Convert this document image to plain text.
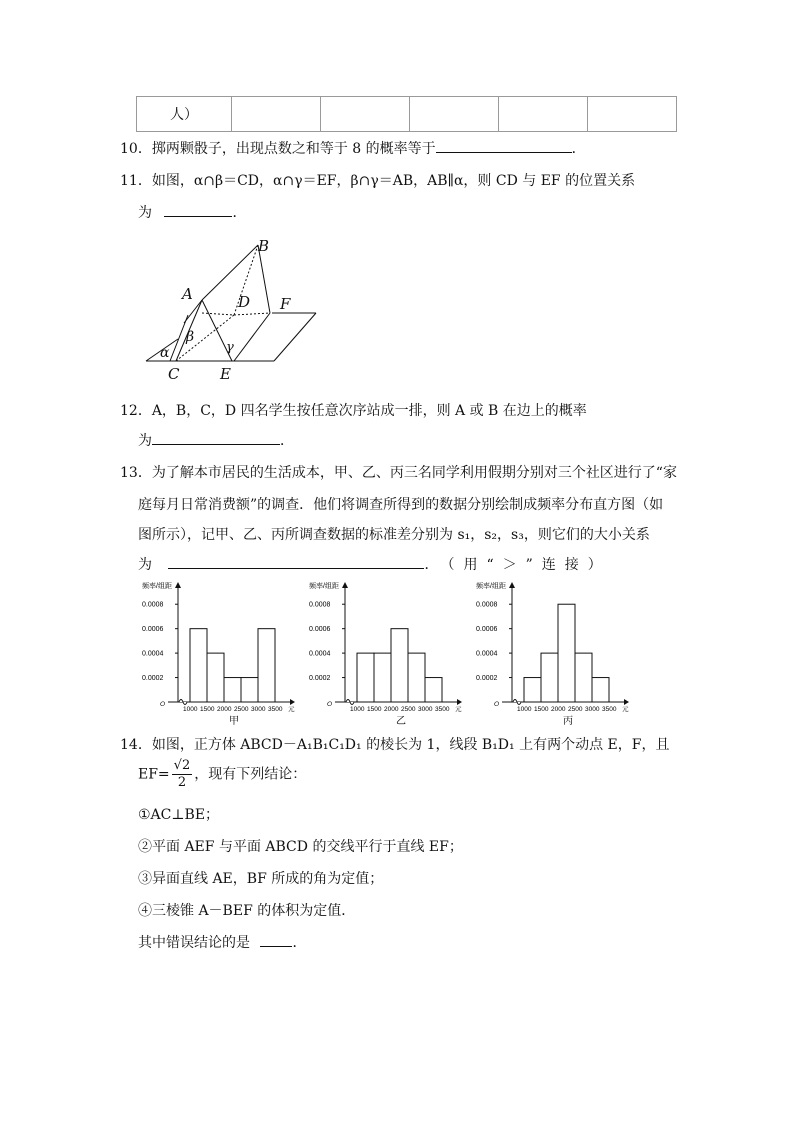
人）					
10．掷两颗骰子，出现点数之和等于 8 的概率等于	．
11．如图，α∩β＝CD，α∩γ＝EF，β∩γ＝AB，AB∥α，则 CD 与 EF 的位置关系
为	．
B
A	D F
C	E
α
β
γ
12．A，B，C，D 四名学生按任意次序站成一排，则 A 或 B 在边上的概率
为	．
13．为了解本市居民的生活成本，甲、乙、丙三名同学利用假期分别对三个社区进行了“家
庭每月日常消费额”的调查．他们将调查所得到的数据分别绘制成频率分布直方图（如
图所示），记甲、乙、丙所调查数据的标准差分别为 s₁，s₂，s₃，则它们的大小关系
为	．（用“＞”连接）
频率/组距
O
0.0002
0.0004
0.0006
0.0008
1000 1500 2000 2500 3000 3500 元
甲
频率/组距
O
0.0002
0.0004
0.0006
0.0008
1000 1500 2000 2500 3000 3500 元
乙
频率/组距
O
0.0002
0.0004
0.0006
0.0008
1000 1500 2000 2500 3000 3500 元
丙
14．如图，正方体 ABCD－A₁B₁C₁D₁ 的棱长为 1，线段 B₁D₁ 上有两个动点 E，F，且
$EF= \frac{√2}{2}$ ，现有下列结论：
①AC⊥BE；
②平面 AEF 与平面 ABCD 的交线平行于直线 EF；
③异面直线 AE，BF 所成的角为定值；
④三棱锥 A－BEF 的体积为定值．
其中错误结论的是	．
